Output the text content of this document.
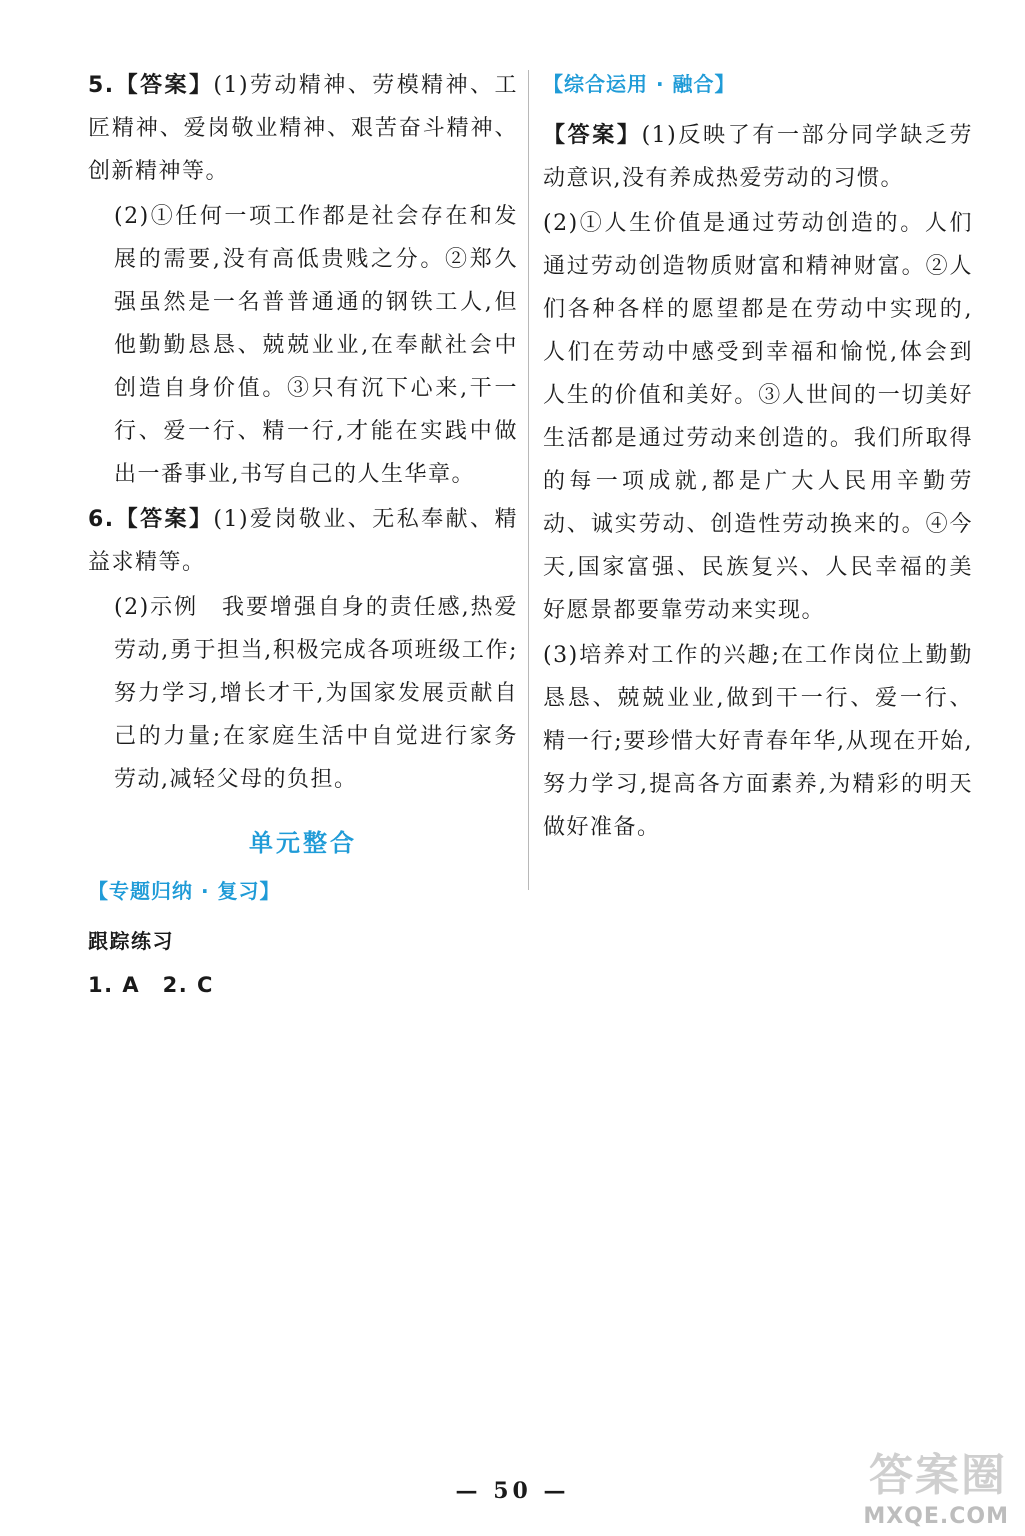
5.【答案】(1)劳动精神、劳模精神、工匠精神、爱岗敬业精神、艰苦奋斗精神、创新精神等。

(2)①任何一项工作都是社会存在和发展的需要,没有高低贵贱之分。②郑久强虽然是一名普普通通的钢铁工人,但他勤勤恳恳、兢兢业业,在奉献社会中创造自身价值。③只有沉下心来,干一行、爱一行、精一行,才能在实践中做出一番事业,书写自己的人生华章。

6.【答案】(1)爱岗敬业、无私奉献、精益求精等。

(2)示例　我要增强自身的责任感,热爱劳动,勇于担当,积极完成各项班级工作;努力学习,增长才干,为国家发展贡献自己的力量;在家庭生活中自觉进行家务劳动,减轻父母的负担。

单元整合
【专题归纳 · 复习】
跟踪练习
1. A　2. C
【综合运用 · 融合】

【答案】(1)反映了有一部分同学缺乏劳动意识,没有养成热爱劳动的习惯。

(2)①人生价值是通过劳动创造的。人们通过劳动创造物质财富和精神财富。②人们各种各样的愿望都是在劳动中实现的,人们在劳动中感受到幸福和愉悦,体会到人生的价值和美好。③人世间的一切美好生活都是通过劳动来创造的。我们所取得的每一项成就,都是广大人民用辛勤劳动、诚实劳动、创造性劳动换来的。④今天,国家富强、民族复兴、人民幸福的美好愿景都要靠劳动来实现。

(3)培养对工作的兴趣;在工作岗位上勤勤恳恳、兢兢业业,做到干一行、爱一行、精一行;要珍惜大好青春年华,从现在开始,努力学习,提高各方面素养,为精彩的明天做好准备。

— 50 —	答案圈
MXQE.COM
